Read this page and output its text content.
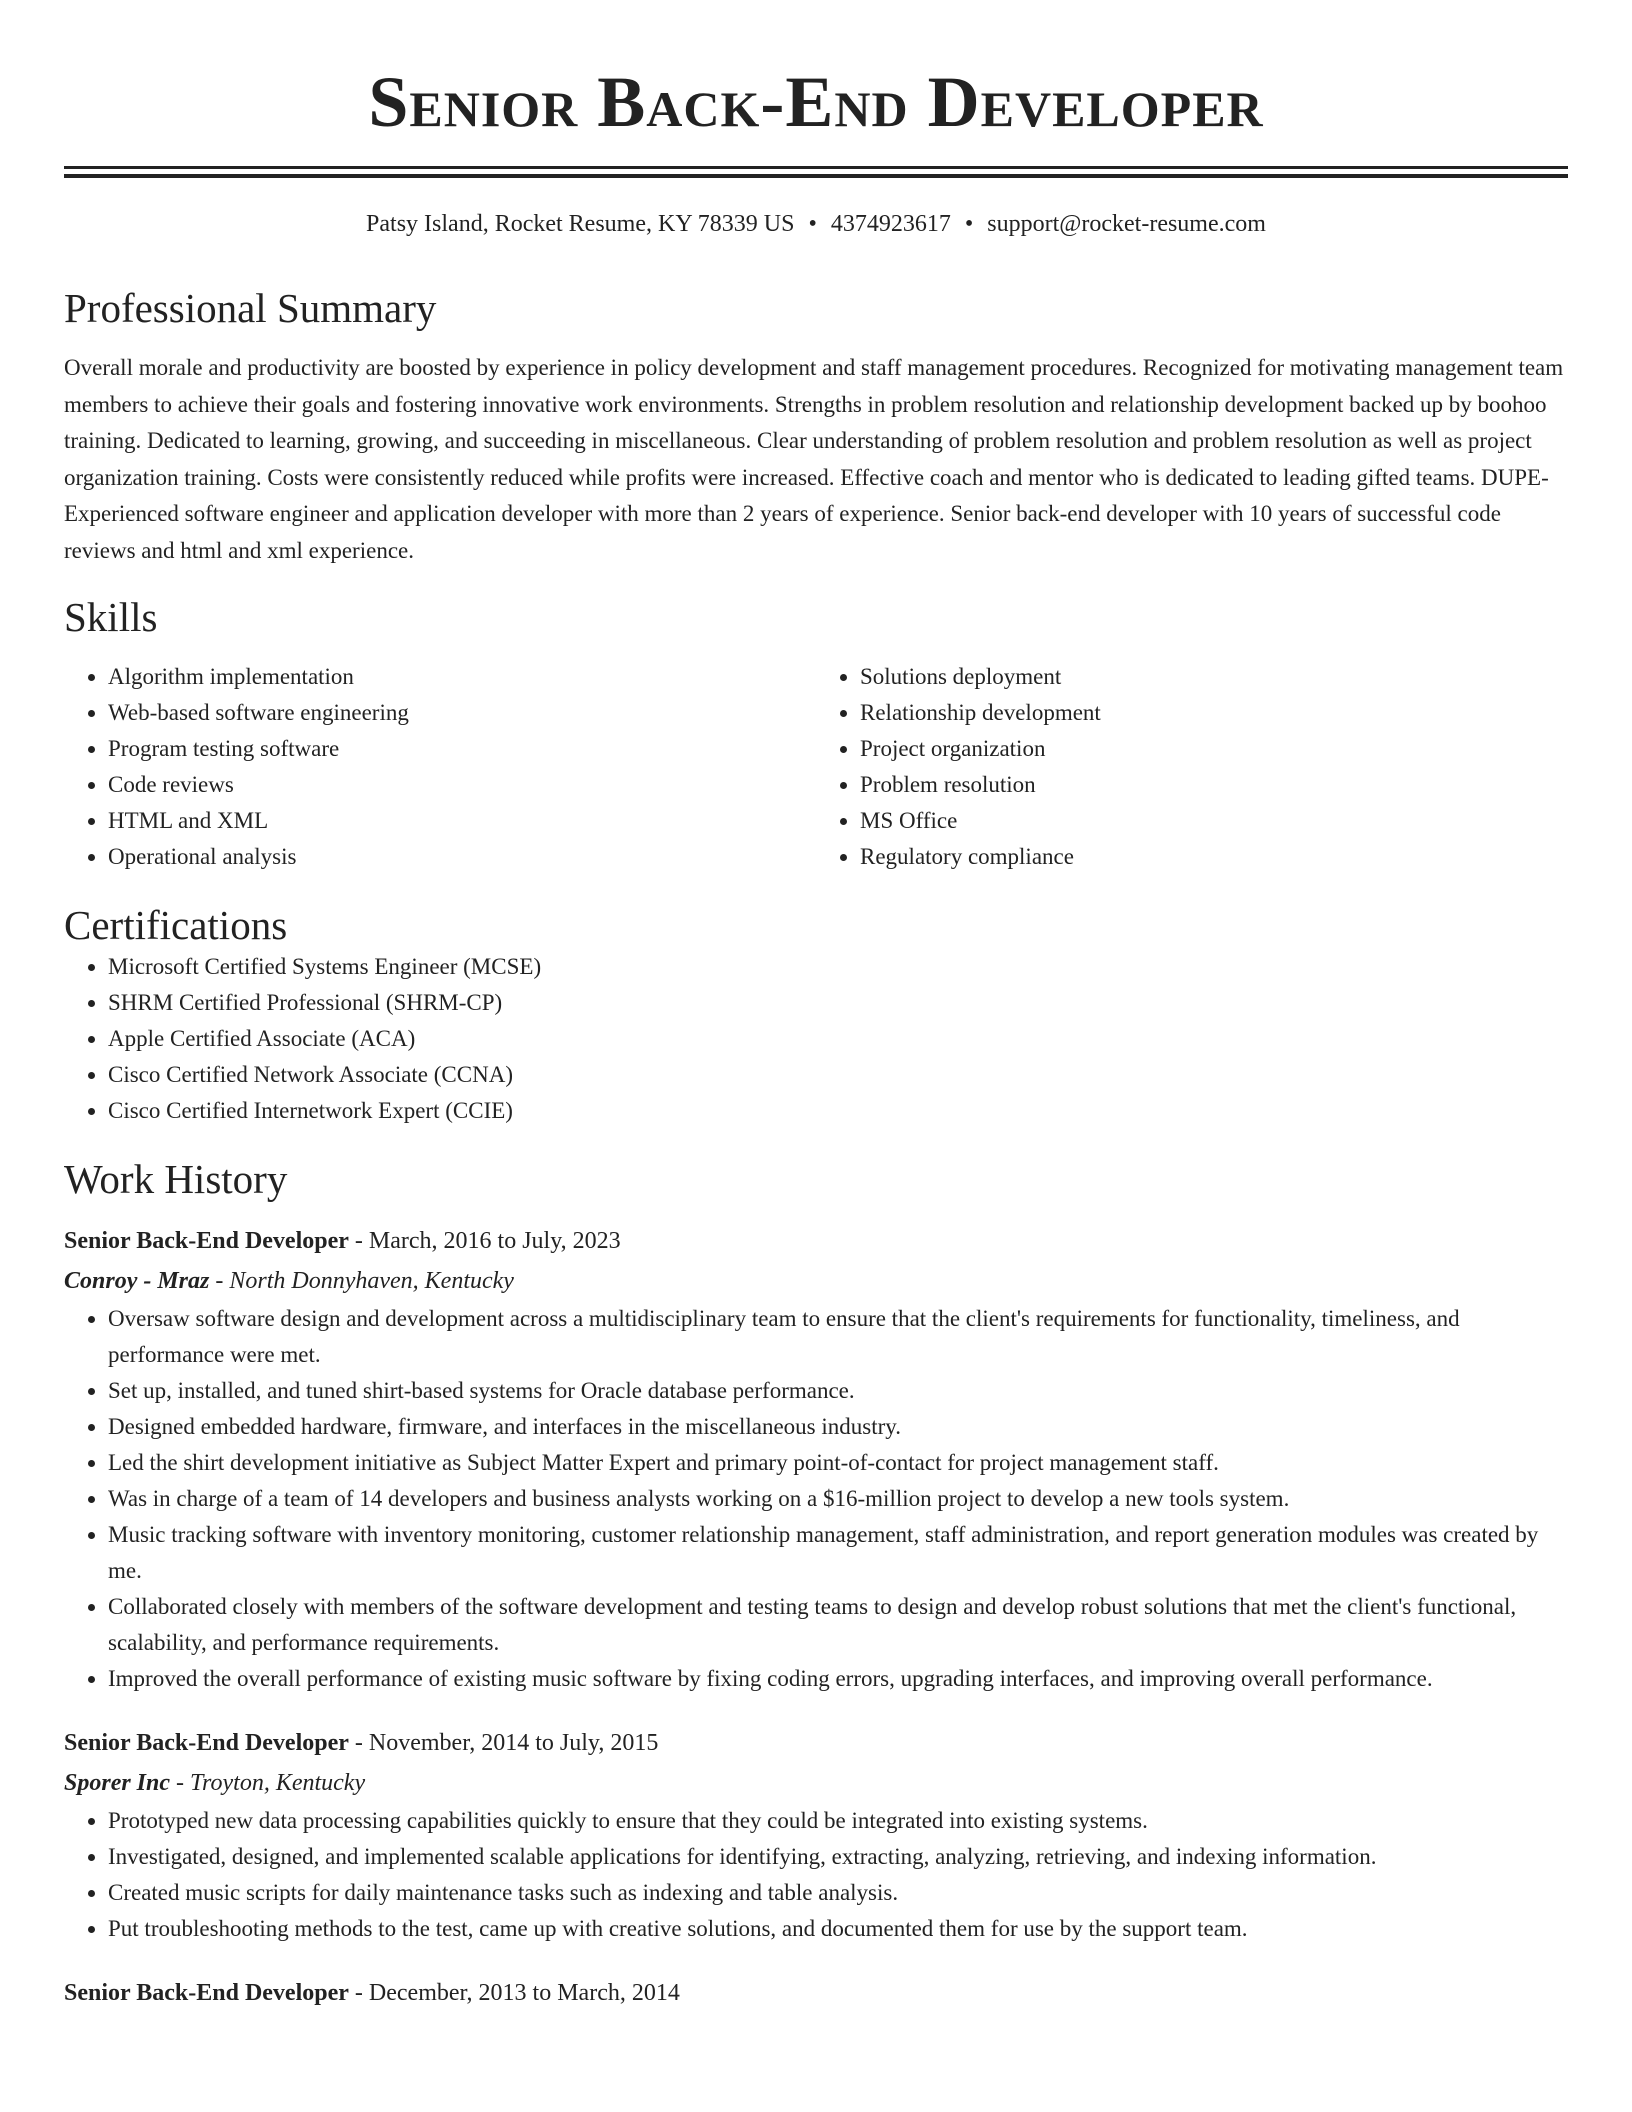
Senior Back-End Developer
Patsy Island, Rocket Resume, KY 78339 US • 4374923617 • support@rocket-resume.com
Professional Summary

Overall morale and productivity are boosted by experience in policy development and staff management procedures. Recognized for motivating management team members to achieve their goals and fostering innovative work environments. Strengths in problem resolution and relationship development backed up by boohoo training. Dedicated to learning, growing, and succeeding in miscellaneous. Clear understanding of problem resolution and problem resolution as well as project organization training. Costs were consistently reduced while profits were increased. Effective coach and mentor who is dedicated to leading gifted teams. DUPE- Experienced software engineer and application developer with more than 2 years of experience. Senior back-end developer with 10 years of successful code reviews and html and xml experience.

Skills
• Algorithm implementation
• Web-based software engineering
• Program testing software
• Code reviews
• HTML and XML
• Operational analysis
• Solutions deployment
• Relationship development
• Project organization
• Problem resolution
• MS Office
• Regulatory compliance
Certifications
• Microsoft Certified Systems Engineer (MCSE)
• SHRM Certified Professional (SHRM-CP)
• Apple Certified Associate (ACA)
• Cisco Certified Network Associate (CCNA)
• Cisco Certified Internetwork Expert (CCIE)
Work History
Senior Back-End Developer - March, 2016 to July, 2023
Conroy - Mraz - North Donnyhaven, Kentucky
• Oversaw software design and development across a multidisciplinary team to ensure that the client's requirements for functionality, timeliness, and performance were met.
• Set up, installed, and tuned shirt-based systems for Oracle database performance.
• Designed embedded hardware, firmware, and interfaces in the miscellaneous industry.
• Led the shirt development initiative as Subject Matter Expert and primary point-of-contact for project management staff.
• Was in charge of a team of 14 developers and business analysts working on a $16-million project to develop a new tools system.
• Music tracking software with inventory monitoring, customer relationship management, staff administration, and report generation modules was created by me.
• Collaborated closely with members of the software development and testing teams to design and develop robust solutions that met the client's functional, scalability, and performance requirements.
• Improved the overall performance of existing music software by fixing coding errors, upgrading interfaces, and improving overall performance.
Senior Back-End Developer - November, 2014 to July, 2015
Sporer Inc - Troyton, Kentucky
• Prototyped new data processing capabilities quickly to ensure that they could be integrated into existing systems.
• Investigated, designed, and implemented scalable applications for identifying, extracting, analyzing, retrieving, and indexing information.
• Created music scripts for daily maintenance tasks such as indexing and table analysis.
• Put troubleshooting methods to the test, came up with creative solutions, and documented them for use by the support team.
Senior Back-End Developer - December, 2013 to March, 2014
